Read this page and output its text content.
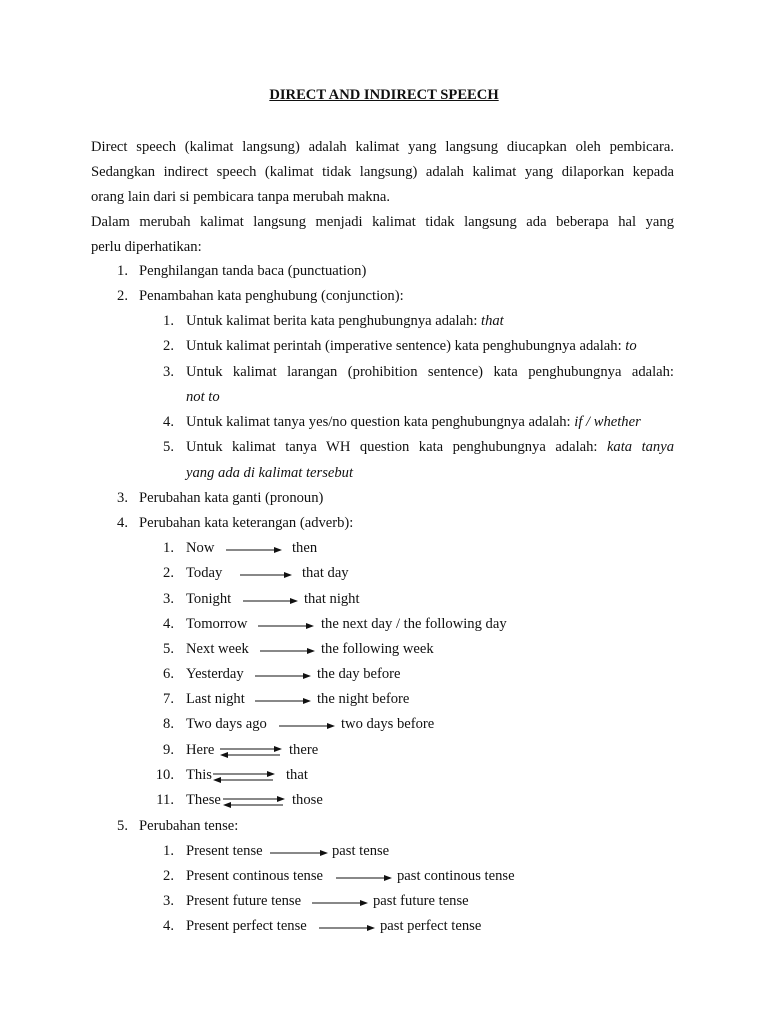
DIRECT AND INDIRECT SPEECH
Direct speech (kalimat langsung) adalah kalimat yang langsung diucapkan oleh pembicara.
Sedangkan indirect speech (kalimat tidak langsung) adalah kalimat yang dilaporkan kepada
orang lain dari si pembicara tanpa merubah makna.
Dalam merubah kalimat langsung menjadi kalimat tidak langsung ada beberapa hal yang
perlu diperhatikan:
1. Penghilangan tanda baca (punctuation)
2. Penambahan kata penghubung (conjunction):
1. Untuk kalimat berita kata penghubungnya adalah: that
2. Untuk kalimat perintah (imperative sentence) kata penghubungnya adalah: to
3. Untuk kalimat larangan (prohibition sentence) kata penghubungnya adalah:
not to
4. Untuk kalimat tanya yes/no question kata penghubungnya adalah: if / whether
5. Untuk kalimat tanya WH question kata penghubungnya adalah: kata tanya
yang ada di kalimat tersebut
3. Perubahan kata ganti (pronoun)
4. Perubahan kata keterangan (adverb):
1. Now	then
2. Today	that day
3. Tonight	that night
4. Tomorrow	the next day / the following day
5. Next week	the following week
6. Yesterday	the day before
7. Last night	the night before
8. Two days ago	two days before
9. Here	there
10. This	that
11. These	those
5. Perubahan tense:
1. Present tense	past tense
2. Present continous tense	past continous tense
3. Present future tense	past future tense
4. Present perfect tense	past perfect tense
